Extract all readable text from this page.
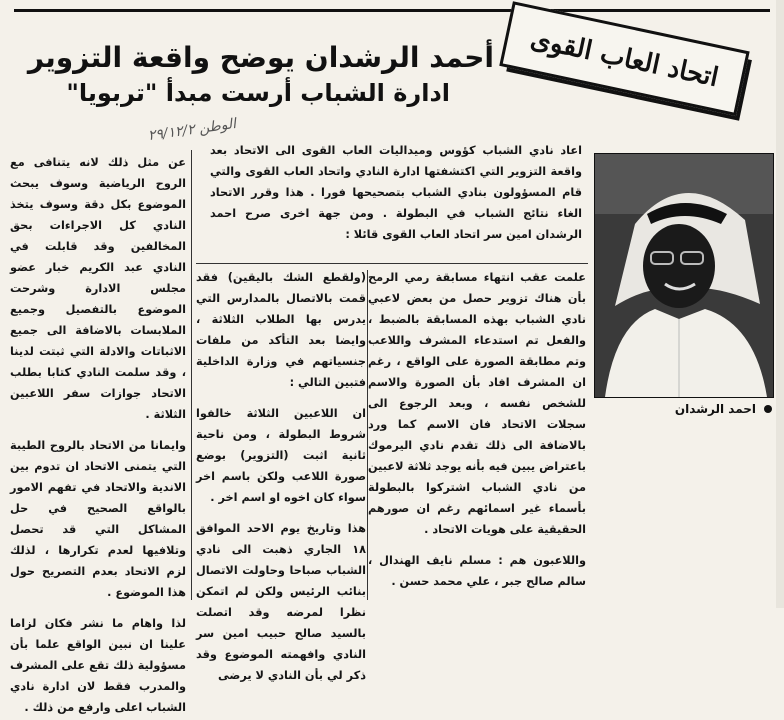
اتحاد العاب القوى
أحمد الرشدان يوضح واقعة التزوير
ادارة الشباب أرست مبدأ "تربويا"
الوطن ٢٩/١٢/٢

اعاد نادي الشباب كؤوس وميداليات العاب القوى الى الاتحاد بعد واقعة التزوير التي اكتشفتها ادارة النادي واتحاد العاب القوى والتي قام المسؤولون بنادي الشباب بتصحيحها فورا . هذا وقرر الاتحاد الغاء نتائج الشباب في البطولة . ومن جهة اخرى صرح احمد الرشدان امين سر اتحاد العاب القوى قائلا :

احمد الرشدان

علمت عقب انتهاء مسابقة رمي الرمح بأن هناك تزوير حصل من بعض لاعبي نادي الشباب بهذه المسابقة بالضبط ، والفعل تم استدعاء المشرف واللاعب وتم مطابقة الصورة على الواقع ، رغم ان المشرف افاد بأن الصورة والاسم للشخص نفسه ، وبعد الرجوع الى سجلات الاتحاد فان الاسم كما ورد بالاضافة الى ذلك تقدم نادي اليرموك باعتراض يبين فيه بأنه يوجد ثلاثة لاعبين من نادي الشباب اشتركوا بالبطولة بأسماء غير اسمائهم رغم ان صورهم الحقيقية على هويات الاتحاد .

واللاعبون هم : مسلم نايف الهندال ، سالم صالح جبر ، علي محمد حسن .

(ولقطع الشك باليقين) فقد قمت بالاتصال بالمدارس التي يدرس بها الطلاب الثلاثة ، وايضا بعد التأكد من ملفات جنسياتهم في وزارة الداخلية فتبين التالي :

ان اللاعبين الثلاثة خالفوا شروط البطولة ، ومن ناحية ثانية اثبت (التزوير) بوضع صورة اللاعب ولكن باسم اخر سواء كان اخوه او اسم اخر .

هذا وتاريخ يوم الاحد الموافق ١٨ الجاري ذهبت الى نادي الشباب صباحا وحاولت الاتصال بنائب الرئيس ولكن لم اتمكن نظرا لمرضه وقد اتصلت بالسيد صالح حبيب امين سر النادي وافهمته الموضوع وقد ذكر لي بأن النادي لا يرضى

عن مثل ذلك لانه يتنافى مع الروح الرياضية وسوف يبحث الموضوع بكل دقة وسوف يتخذ النادي كل الاجراءات بحق المخالفين وقد قابلت في النادي عبد الكريم خبار عضو مجلس الادارة وشرحت الموضوع بالتفصيل وجميع الملابسات بالاضافة الى جميع الاثباتات والادلة التي ثبتت لدينا ، وقد سلمت النادي كتابا بطلب الاتحاد جوازات سفر اللاعبين الثلاثة .

وايمانا من الاتحاد بالروح الطيبة التي يتمنى الاتحاد ان تدوم بين الاندية والاتحاد في تفهم الامور بالواقع الصحيح في حل المشاكل التي قد تحصل وتلافيها لعدم تكرارها ، لذلك لزم الاتحاد بعدم التصريح حول هذا الموضوع .

لذا واهام ما نشر فكان لزاما علينا ان نبين الواقع علما بأن مسؤولية ذلك تقع على المشرف والمدرب فقط لان ادارة نادي الشباب اعلى وارفع من ذلك .
